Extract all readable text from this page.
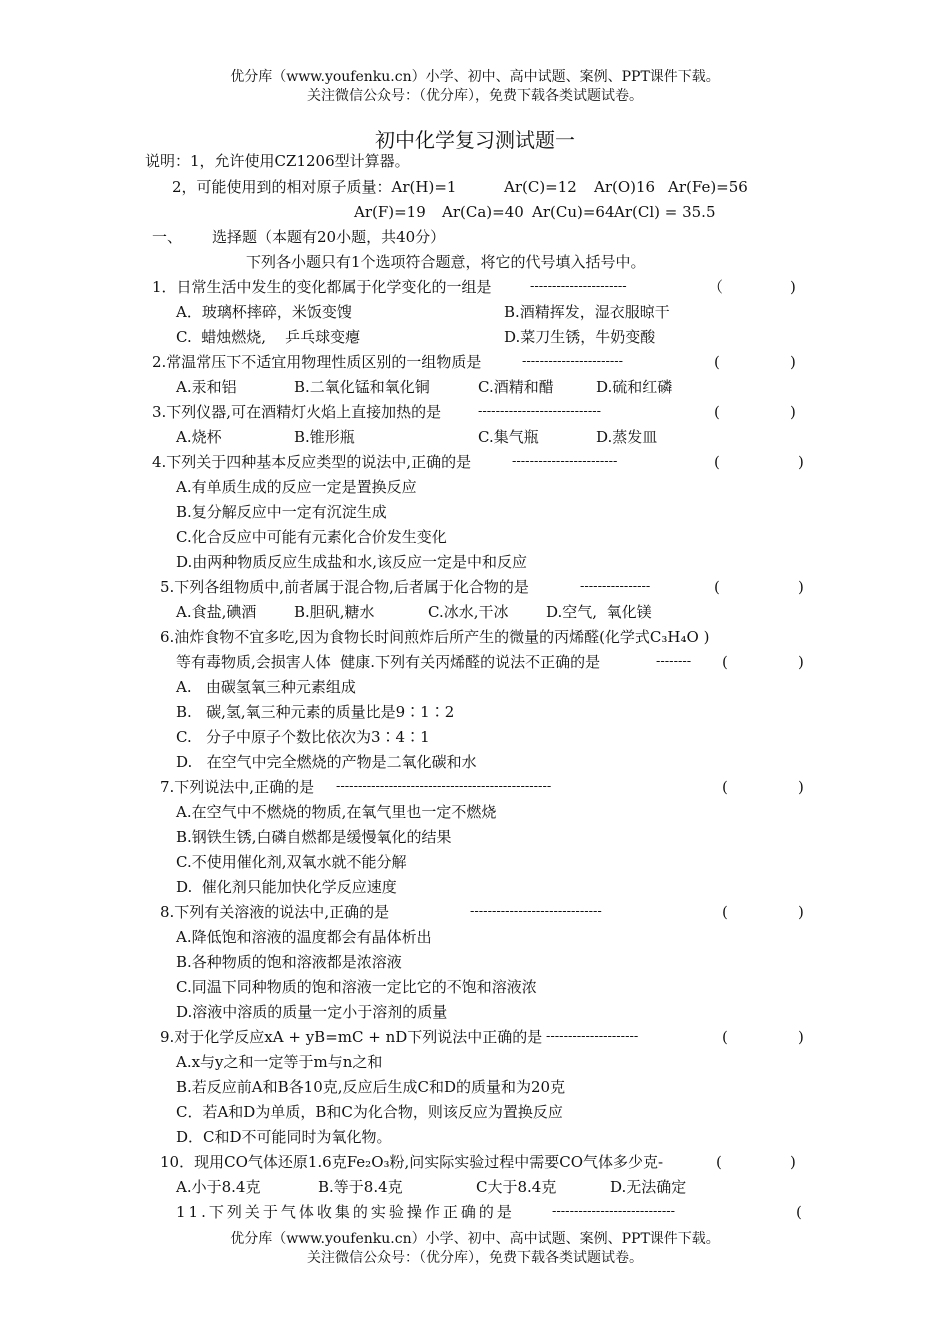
优分库（www.youfenku.cn）小学、初中、高中试题、案例、PPT课件下载。
关注微信公众号：（优分库），免费下载各类试题试卷。
初中化学复习测试题一
说明：1，允许使用CZ1206型计算器。
2，可能使用到的相对原子质量：Ar(H)=1	Ar(C)=12 Ar(O)16 Ar(Fe)=56
Ar(F)=19 Ar(Ca)=40 Ar(Cu)=64 Ar(Cl) = 35.5
一、 选择题（本题有20小题，共40分）
下列各小题只有1个选项符合题意，将它的代号填入括号中。
1．日常生活中发生的变化都属于化学变化的一组是	----------------------	（	)
A．玻璃杯摔碎，米饭变馊	B.酒精挥发，湿衣服晾干
C.  蜡烛燃烧,    乒乓球变瘪	D.菜刀生锈，牛奶变酸
2.常温常压下不适宜用物理性质区别的一组物质是	-----------------------	(	)
A.汞和铝	B.二氧化锰和氧化铜	C.酒精和醋	D.硫和红磷
3.下列仪器,可在酒精灯火焰上直接加热的是	----------------------------	(	)
A.烧杯	B.锥形瓶	C.集气瓶	D.蒸发皿
4.下列关于四种基本反应类型的说法中,正确的是	------------------------	(	)
A.有单质生成的反应一定是置换反应
B.复分解反应中一定有沉淀生成
C.化合反应中可能有元素化合价发生变化
D.由两种物质反应生成盐和水,该反应一定是中和反应
5.下列各组物质中,前者属于混合物,后者属于化合物的是	----------------	(	)
A.食盐,碘酒	B.胆矾,糖水	C.冰水,干冰	D.空气,  氧化镁
6.油炸食物不宜多吃,因为食物长时间煎炸后所产生的微量的丙烯醛(化学式C₃H₄O )
等有毒物质,会损害人体  健康.下列有关丙烯醛的说法不正确的是	-------- (	)
A.   由碳氢氧三种元素组成
B.   碳,氢,氧三种元素的质量比是9∶1∶2
C.   分子中原子个数比依次为3∶4∶1
D.   在空气中完全燃烧的产物是二氧化碳和水
7.下列说法中,正确的是 -------------------------------------------------	(	)
A.在空气中不燃烧的物质,在氧气里也一定不燃烧
B.钢铁生锈,白磷自燃都是缓慢氧化的结果
C.不使用催化剂,双氧水就不能分解
D.  催化剂只能加快化学反应速度
8.下列有关溶液的说法中,正确的是	------------------------------	(	)
A.降低饱和溶液的温度都会有晶体析出
B.各种物质的饱和溶液都是浓溶液
C.同温下同种物质的饱和溶液一定比它的不饱和溶液浓
D.溶液中溶质的质量一定小于溶剂的质量
9.对于化学反应xA + yB=mC + nD下列说法中正确的是 ---------------------	(	)
A.x与y之和一定等于m与n之和
B.若反应前A和B各10克,反应后生成C和D的质量和为20克
C．若A和D为单质，B和C为化合物，则该反应为置换反应
D．C和D不可能同时为氧化物。
10．现用CO气体还原1.6克Fe₂O₃粉,问实际实验过程中需要CO气体多少克-	(	)
A.小于8.4克	B.等于8.4克	C大于8.4克	D.无法确定
11.下列关于气体收集的实验操作正确的是	----------------------------	(
优分库（www.youfenku.cn）小学、初中、高中试题、案例、PPT课件下载。
关注微信公众号：（优分库），免费下载各类试题试卷。
